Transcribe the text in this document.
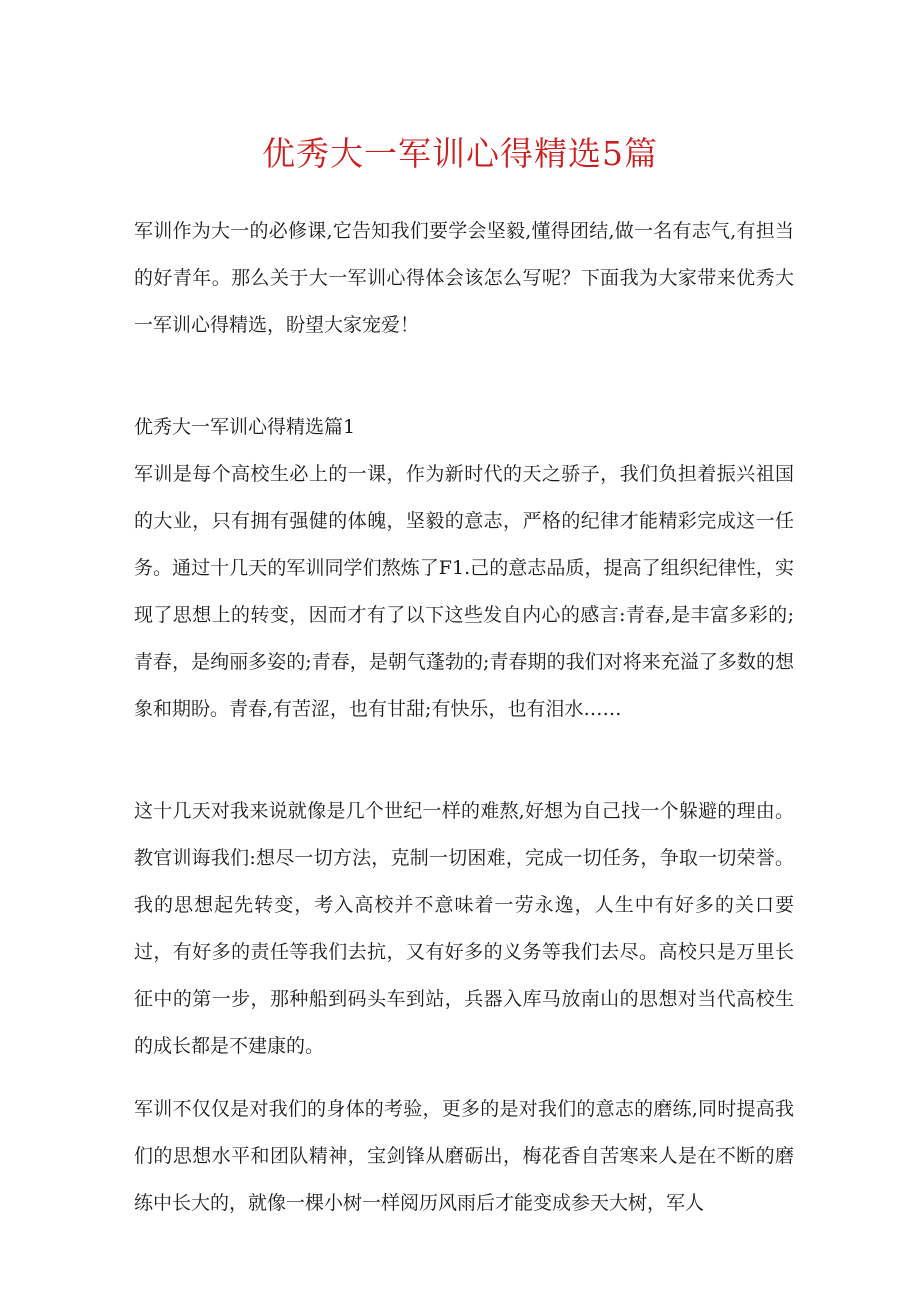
优秀大一军训心得精选5篇

军训作为大一的必修课,它告知我们要学会坚毅,懂得团结,做一名有志气,有担当的好青年。那么关于大一军训心得体会该怎么写呢？下面我为大家带来优秀大一军训心得精选，盼望大家宠爱！

优秀大一军训心得精选篇1

军训是每个高校生必上的一课，作为新时代的天之骄子，我们负担着振兴祖国的大业，只有拥有强健的体魄，坚毅的意志，严格的纪律才能精彩完成这一任务。通过十几天的军训同学们熬炼了F1.己的意志品质，提高了组织纪律性，实现了思想上的转变，因而才有了以下这些发自内心的感言:青春,是丰富多彩的;青春，是绚丽多姿的;青春，是朝气蓬勃的;青春期的我们对将来充溢了多数的想象和期盼。青春,有苦涩，也有甘甜;有快乐，也有泪水……

这十几天对我来说就像是几个世纪一样的难熬,好想为自己找一个躲避的理由。教官训诲我们:想尽一切方法，克制一切困难，完成一切任务，争取一切荣誉。我的思想起先转变，考入高校并不意味着一劳永逸，人生中有好多的关口要过，有好多的责任等我们去抗，又有好多的义务等我们去尽。高校只是万里长征中的第一步，那种船到码头车到站，兵器入库马放南山的思想对当代高校生的成长都是不建康的。

军训不仅仅是对我们的身体的考验，更多的是对我们的意志的磨练,同时提高我们的思想水平和团队精神，宝剑锋从磨砺出，梅花香自苦寒来人是在不断的磨练中长大的，就像一棵小树一样阅历风雨后才能变成参天大树，军人
